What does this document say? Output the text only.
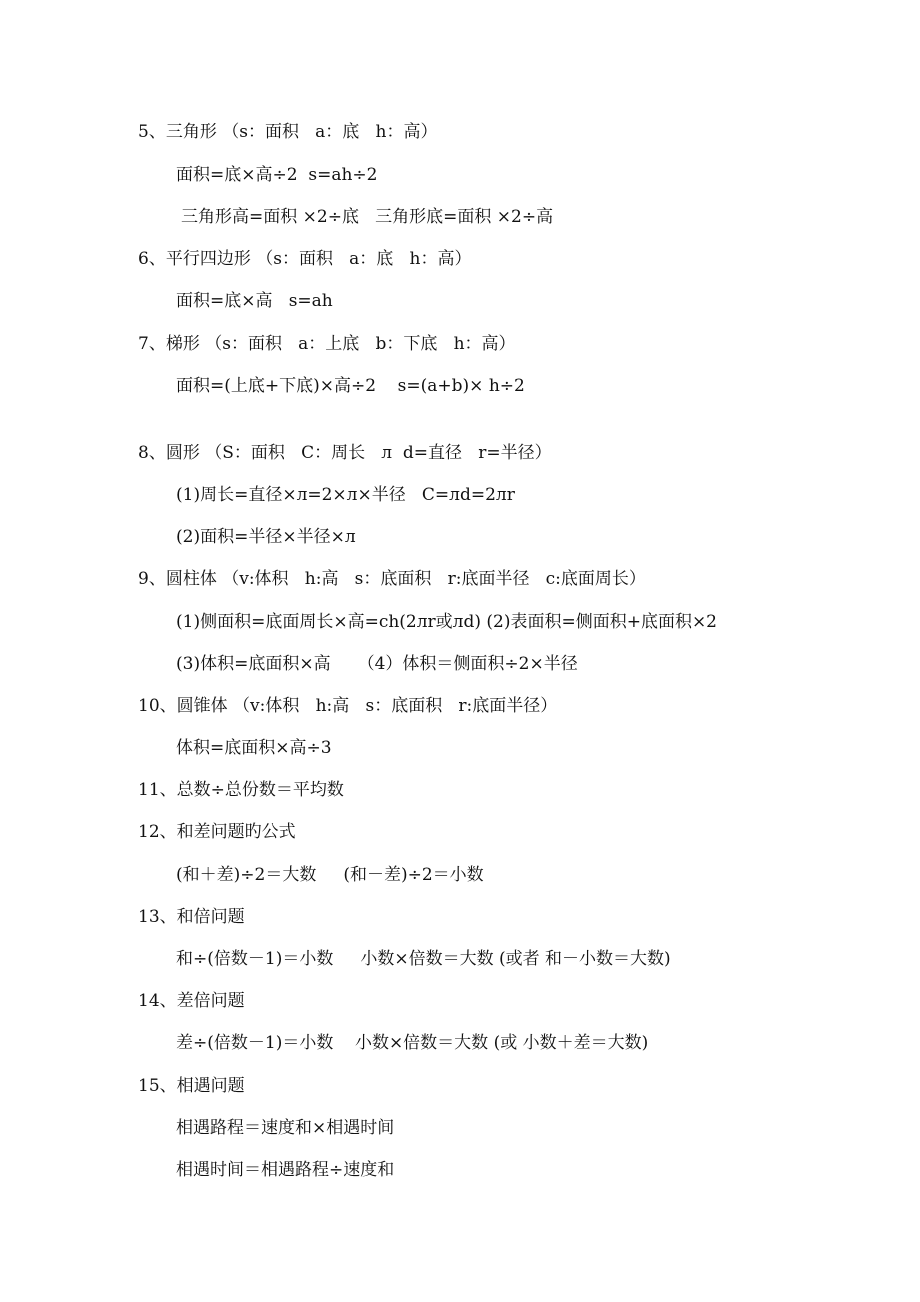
5、三角形 （s：面积   a：底   h：高）
面积=底×高÷2  s=ah÷2
三角形高=面积 ×2÷底   三角形底=面积 ×2÷高
6、平行四边形 （s：面积   a：底   h：高）
面积=底×高   s=ah
7、梯形 （s：面积   a：上底   b：下底   h：高）
面积=(上底+下底)×高÷2    s=(a+b)× h÷2
8、圆形 （S：面积   C：周长   л  d=直径   r=半径）
(1)周长=直径×л=2×л×半径   C=лd=2лr
(2)面积=半径×半径×л
9、圆柱体 （v:体积   h:高   s：底面积   r:底面半径   c:底面周长）
(1)侧面积=底面周长×高=ch(2лr或лd) (2)表面积=侧面积+底面积×2
(3)体积=底面积×高     （4）体积＝侧面积÷2×半径
10、圆锥体 （v:体积   h:高   s：底面积   r:底面半径）
体积=底面积×高÷3
11、总数÷总份数＝平均数
12、和差问题旳公式
(和＋差)÷2＝大数     (和－差)÷2＝小数
13、和倍问题
和÷(倍数－1)＝小数     小数×倍数＝大数 (或者 和－小数＝大数)
14、差倍问题
差÷(倍数－1)＝小数    小数×倍数＝大数 (或 小数＋差＝大数)
15、相遇问题
相遇路程＝速度和×相遇时间
相遇时间＝相遇路程÷速度和
